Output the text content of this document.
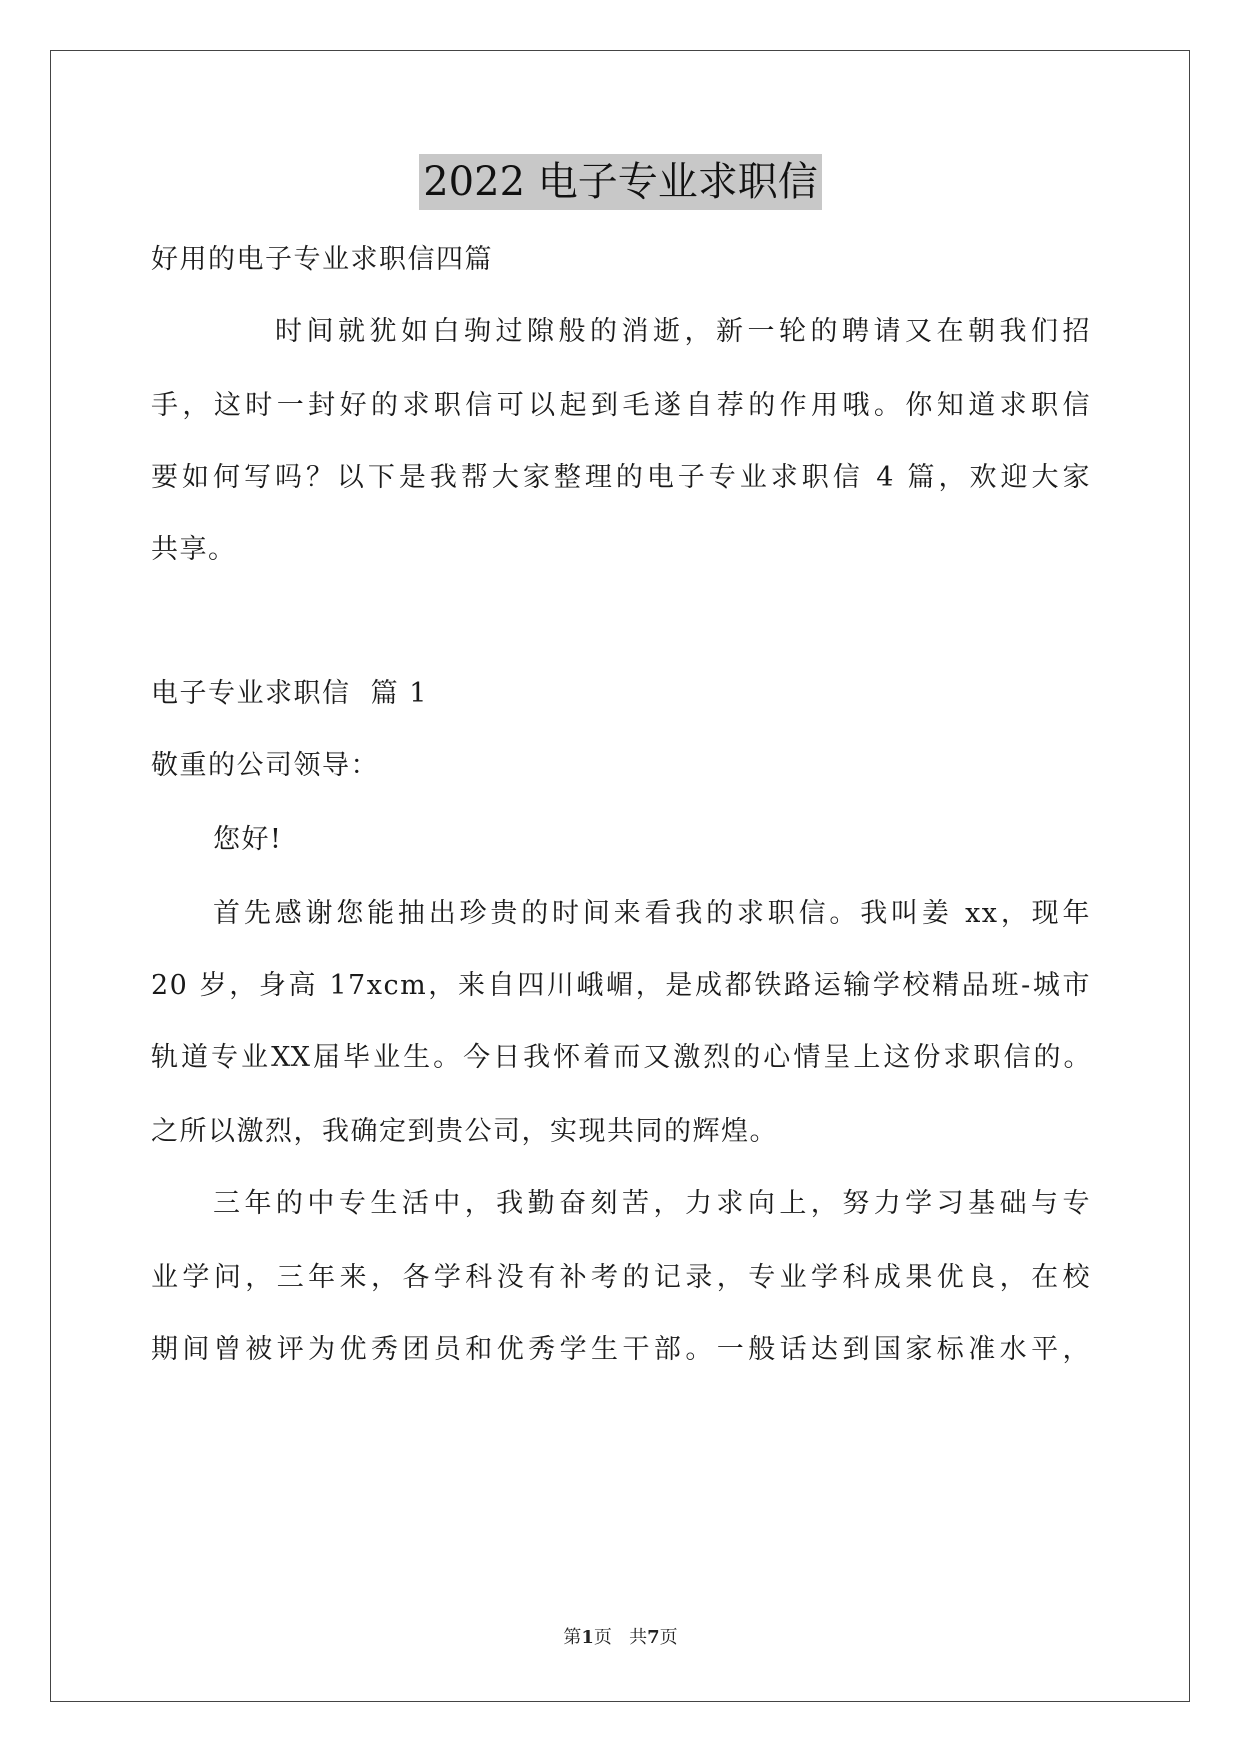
2022 电子专业求职信
好用的电子专业求职信四篇
时间就犹如白驹过隙般的消逝，新一轮的聘请又在朝我们招
手，这时一封好的求职信可以起到毛遂自荐的作用哦。你知道求职信
要如何写吗？以下是我帮大家整理的电子专业求职信 4 篇，欢迎大家
共享。
电子专业求职信  篇 1
敬重的公司领导：
您好!
首先感谢您能抽出珍贵的时间来看我的求职信。我叫姜 xx，现年
20 岁，身高 17xcm，来自四川峨嵋，是成都铁路运输学校精品班-城市
轨道专业XX届毕业生。今日我怀着而又激烈的心情呈上这份求职信的。
之所以激烈，我确定到贵公司，实现共同的辉煌。
三年的中专生活中，我勤奋刻苦，力求向上，努力学习基础与专
业学问，三年来，各学科没有补考的记录，专业学科成果优良，在校
期间曾被评为优秀团员和优秀学生干部。一般话达到国家标准水平，
第1页 共7页
